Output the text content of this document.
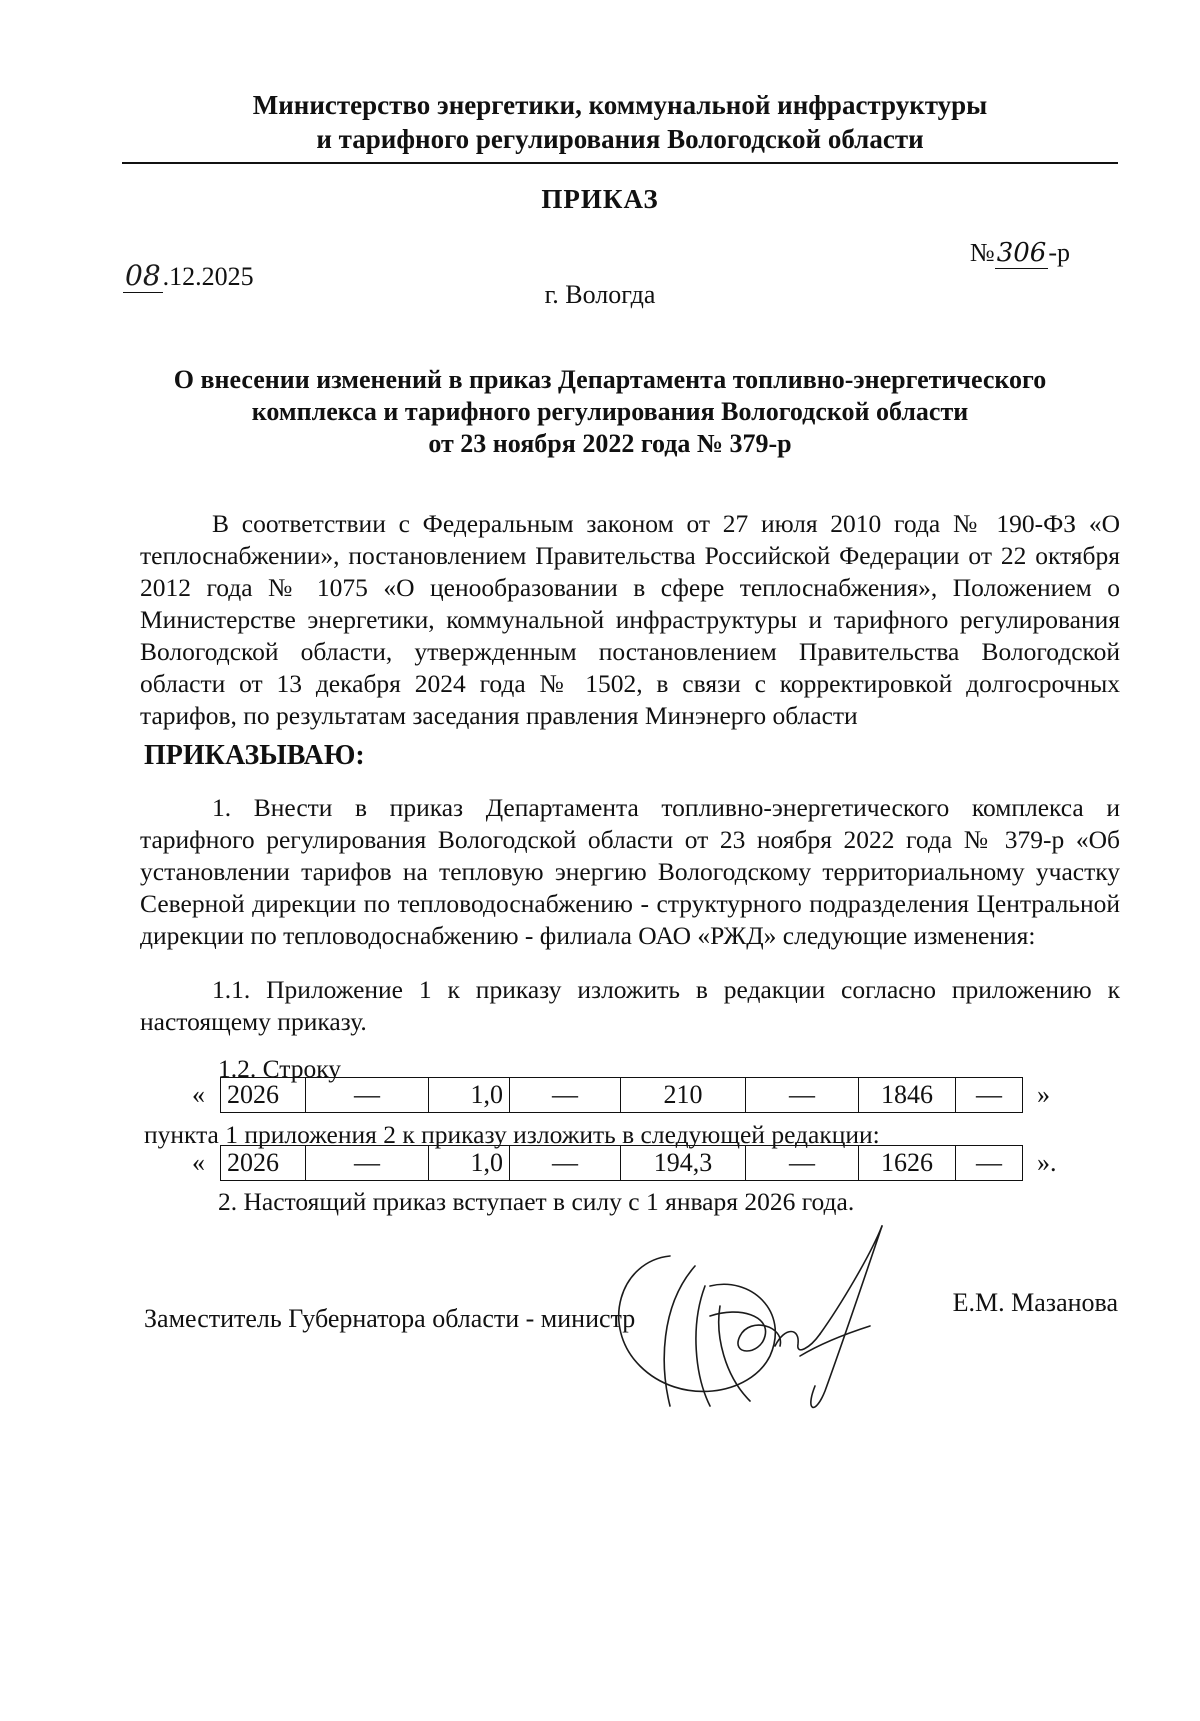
Министерство энергетики, коммунальной инфраструктуры
и тарифного регулирования Вологодской области
ПРИКАЗ
08.12.2025
№306-р
г. Вологда
О внесении изменений в приказ Департамента топливно-энергетического
комплекса и тарифного регулирования Вологодской области
от 23 ноября 2022 года № 379-р
В соответствии с Федеральным законом от 27 июля 2010 года № 190-ФЗ «О теплоснабжении», постановлением Правительства Российской Федерации от 22 октября 2012 года № 1075 «О ценообразовании в сфере теплоснабжения», Положением о Министерстве энергетики, коммунальной инфраструктуры и тарифного регулирования Вологодской области, утвержденным постановлением Правительства Вологодской области от 13 декабря 2024 года № 1502, в связи с корректировкой долгосрочных тарифов, по результатам заседания правления Минэнерго области
ПРИКАЗЫВАЮ:
1. Внести в приказ Департамента топливно-энергетического комплекса и тарифного регулирования Вологодской области от 23 ноября 2022 года № 379-р «Об установлении тарифов на тепловую энергию Вологодскому территориальному участку Северной дирекции по тепловодоснабжению - структурного подразделения Центральной дирекции по тепловодоснабжению - филиала ОАО «РЖД» следующие изменения:
1.1. Приложение 1 к приказу изложить в редакции согласно приложению к настоящему приказу.
1.2. Строку
« 2026	—	1,0	—	210	—	1846	—	»
пункта 1 приложения 2 к приказу изложить в следующей редакции:
« 2026	—	1,0	—	194,3	—	1626	—	».
2. Настоящий приказ вступает в силу с 1 января 2026 года.
Заместитель Губернатора области - министр
Е.М. Мазанова
